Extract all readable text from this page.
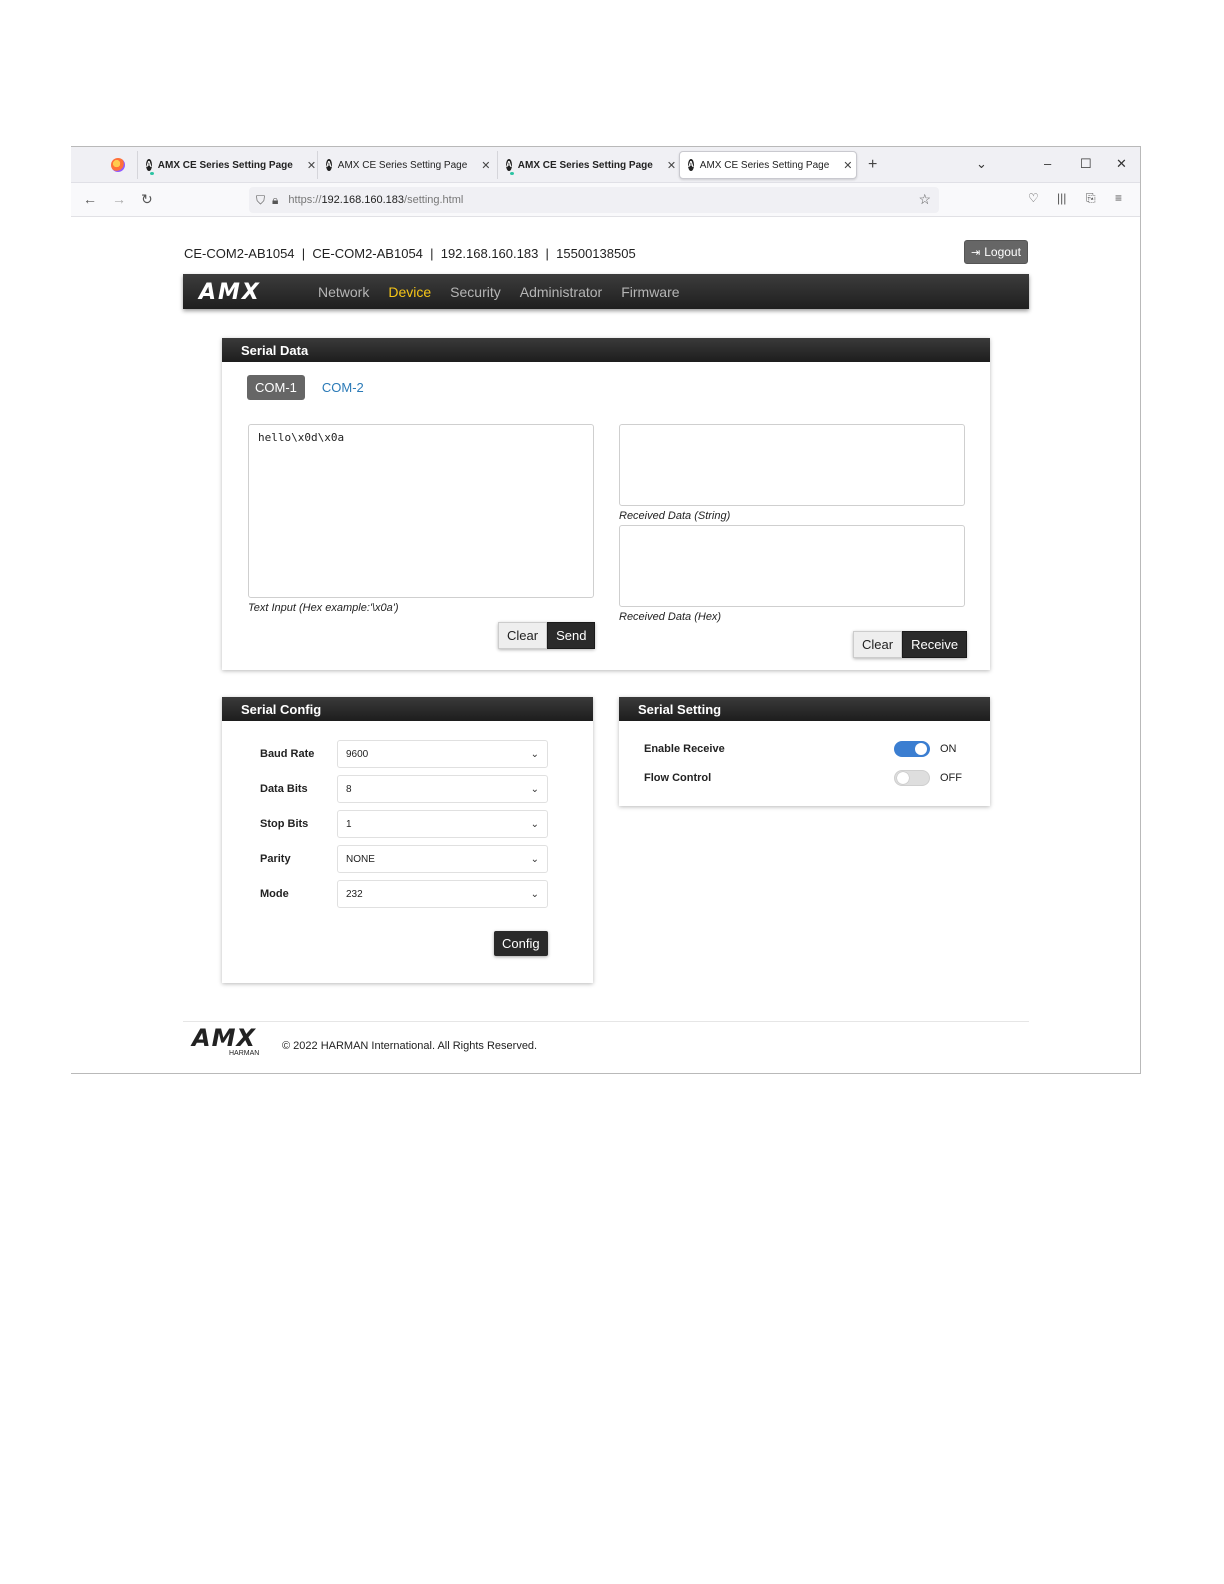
A AMX CE Series Setting Page ✕ A AMX CE Series Setting Page ✕ A AMX CE Series Setting Page ✕ A AMX CE Series Setting Page ✕ +	⌄	– ☐ ✕
← → ↻	⛉ 🔒︎ https://192.168.160.183/setting.html	☆	♡ ||| ⎘ ≡
CE-COM2-AB1054  |  CE-COM2-AB1054  |  192.168.160.183  |  15500138505	⇥ Logout
AMX	Network Device Security Administrator Firmware
Serial Data
COM-1	COM-2
hello\x0d\x0a
Text Input (Hex example:'\x0a')
Clear	Send
Received Data (String)
Received Data (Hex)
Clear	Receive
Serial Config
Baud Rate	9600	⌄
Data Bits	8	⌄
Stop Bits	1	⌄
Parity	NONE	⌄
Mode	232	⌄
Config
Serial Setting
Enable Receive	ON
Flow Control	OFF
AMX
HARMAN
© 2022 HARMAN International. All Rights Reserved.
